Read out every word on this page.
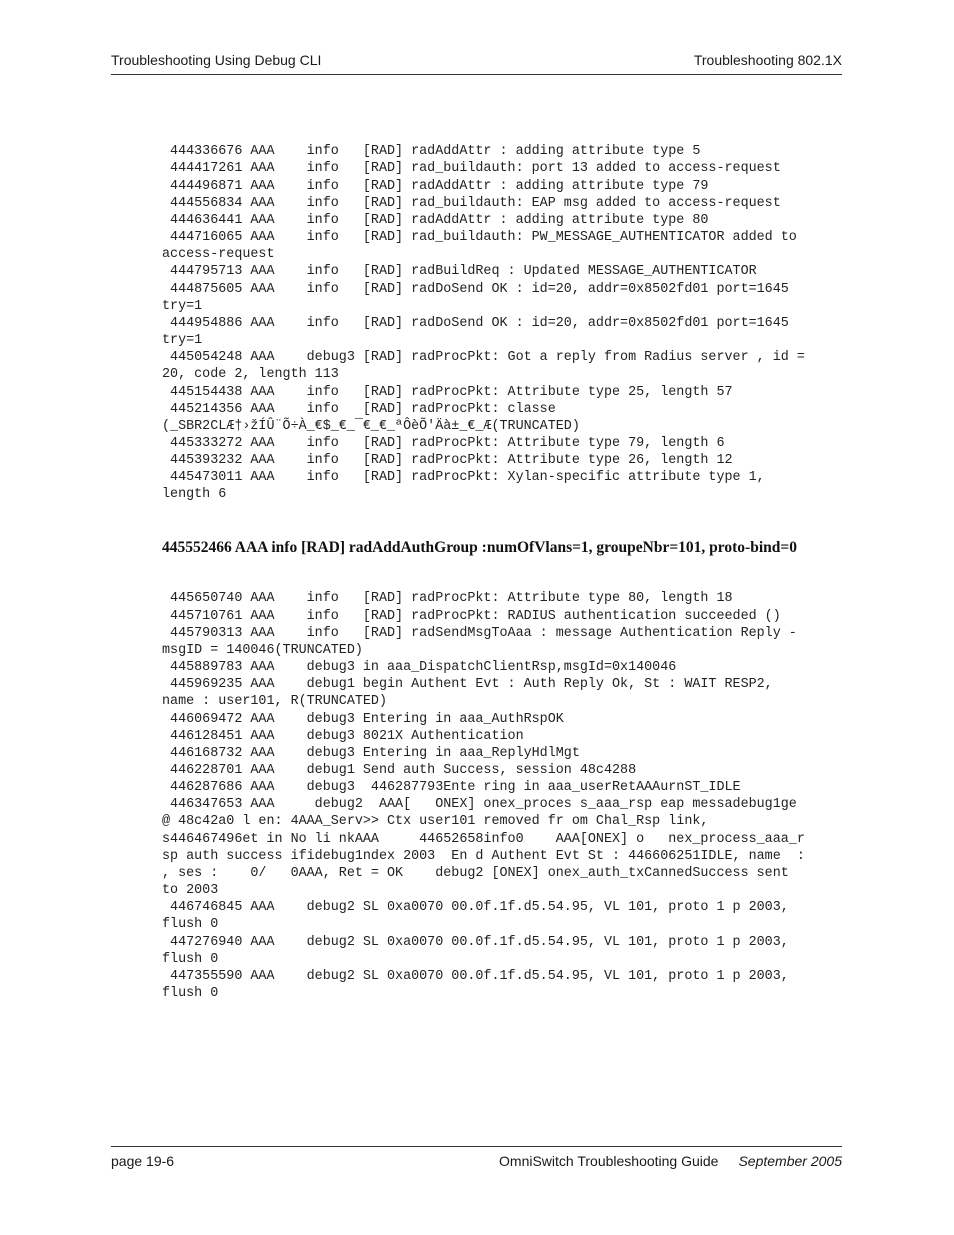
Troubleshooting Using Debug CLI	Troubleshooting 802.1X

444336676 AAA    info   [RAD] radAddAttr : adding attribute type 5
444417261 AAA    info   [RAD] rad_buildauth: port 13 added to access-request
444496871 AAA    info   [RAD] radAddAttr : adding attribute type 79
444556834 AAA    info   [RAD] rad_buildauth: EAP msg added to access-request
444636441 AAA    info   [RAD] radAddAttr : adding attribute type 80
444716065 AAA    info   [RAD] rad_buildauth: PW_MESSAGE_AUTHENTICATOR added to
access-request
444795713 AAA    info   [RAD] radBuildReq : Updated MESSAGE_AUTHENTICATOR
444875605 AAA    info   [RAD] radDoSend OK : id=20, addr=0x8502fd01 port=1645
try=1
444954886 AAA    info   [RAD] radDoSend OK : id=20, addr=0x8502fd01 port=1645
try=1
445054248 AAA    debug3 [RAD] radProcPkt: Got a reply from Radius server , id =
20, code 2, length 113
445154438 AAA    info   [RAD] radProcPkt: Attribute type 25, length 57
445214356 AAA    info   [RAD] radProcPkt: classe
(_SBR2CLÆ†›žÍÛ¨Õ÷À_€$_€_¯€_€_ªÔèÕ'Äà±_€_Æ(TRUNCATED)
445333272 AAA    info   [RAD] radProcPkt: Attribute type 79, length 6
445393232 AAA    info   [RAD] radProcPkt: Attribute type 26, length 12
445473011 AAA    info   [RAD] radProcPkt: Xylan-specific attribute type 1,
length 6

445552466 AAA info [RAD] radAddAuthGroup :numOfVlans=1, groupeNbr=101, proto-bind=0

445650740 AAA    info   [RAD] radProcPkt: Attribute type 80, length 18
445710761 AAA    info   [RAD] radProcPkt: RADIUS authentication succeeded ()
445790313 AAA    info   [RAD] radSendMsgToAaa : message Authentication Reply -
msgID = 140046(TRUNCATED)
445889783 AAA    debug3 in aaa_DispatchClientRsp,msgId=0x140046
445969235 AAA    debug1 begin Authent Evt : Auth Reply Ok, St : WAIT RESP2,
name : user101, R(TRUNCATED)
446069472 AAA    debug3 Entering in aaa_AuthRspOK
446128451 AAA    debug3 8021X Authentication
446168732 AAA    debug3 Entering in aaa_ReplyHdlMgt
446228701 AAA    debug1 Send auth Success, session 48c4288
446287686 AAA    debug3  446287793Ente ring in aaa_userRetAAAurnST_IDLE
446347653 AAA     debug2  AAA[   ONEX] onex_proces s_aaa_rsp eap messadebug1ge
@ 48c42a0 l en: 4AAA_Serv>> Ctx user101 removed fr om Chal_Rsp link,
s446467496et in No li nkAAA     44652658info0    AAA[ONEX] o   nex_process_aaa_r
sp auth success ifidebug1ndex 2003  En d Authent Evt St : 446606251IDLE, name  :
, ses :    0/   0AAA, Ret = OK    debug2 [ONEX] onex_auth_txCannedSuccess sent
to 2003
446746845 AAA    debug2 SL 0xa0070 00.0f.1f.d5.54.95, VL 101, proto 1 p 2003,
flush 0
447276940 AAA    debug2 SL 0xa0070 00.0f.1f.d5.54.95, VL 101, proto 1 p 2003,
flush 0
447355590 AAA    debug2 SL 0xa0070 00.0f.1f.d5.54.95, VL 101, proto 1 p 2003,
flush 0

page 19-6	OmniSwitch Troubleshooting Guide September 2005
